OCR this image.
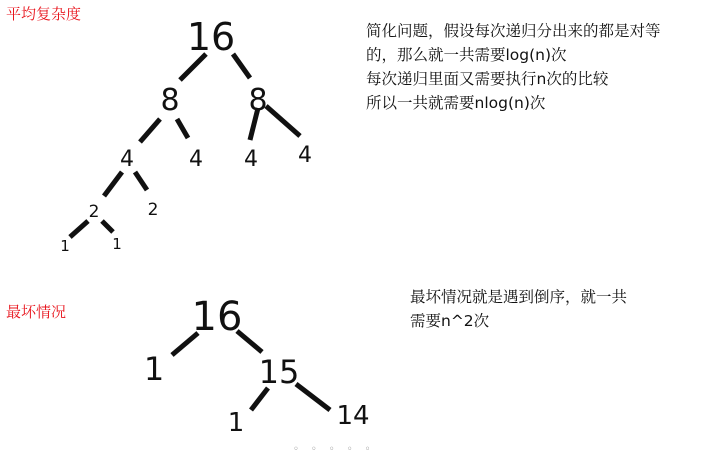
平均复杂度
最坏情况
简化问题，假设每次递归分出来的都是对等
的，那么就一共需要log(n)次
每次递归里面又需要执行n次的比较
所以一共就需要nlog(n)次
最坏情况就是遇到倒序，就一共
需要n^2次
16
8 8
4	4 4 4
2	2
1	1
16
1	15
1	14
◦◦◦◦◦
